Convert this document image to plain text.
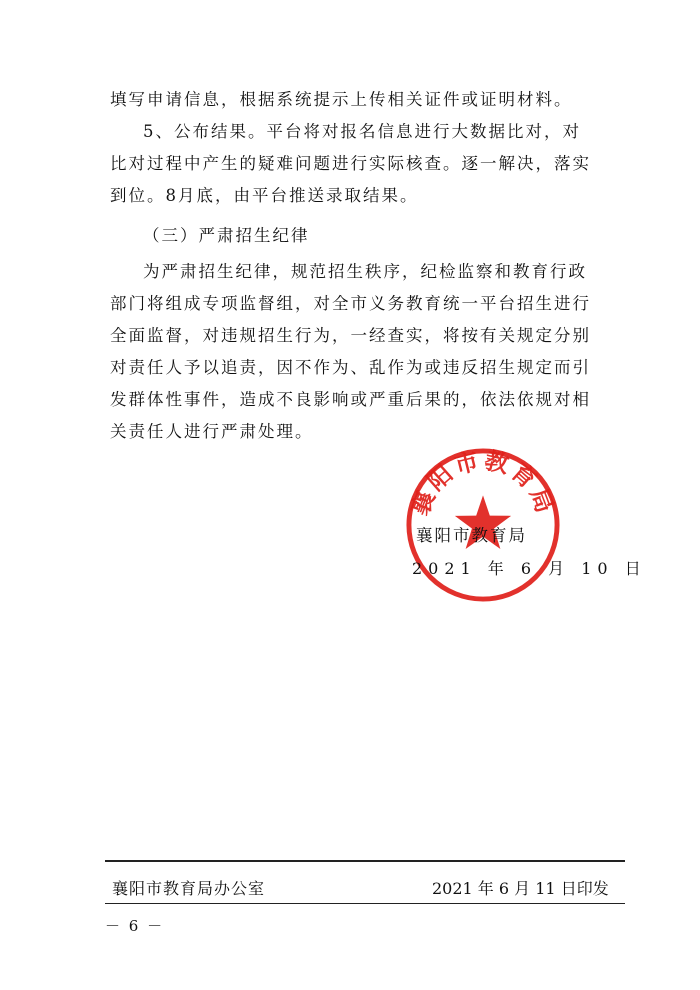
填写申请信息，根据系统提示上传相关证件或证明材料。

5、公布结果。平台将对报名信息进行大数据比对，对

比对过程中产生的疑难问题进行实际核查。逐一解决，落实

到位。8月底，由平台推送录取结果。

（三）严肃招生纪律

为严肃招生纪律，规范招生秩序，纪检监察和教育行政

部门将组成专项监督组，对全市义务教育统一平台招生进行

全面监督，对违规招生行为，一经查实，将按有关规定分别

对责任人予以追责，因不作为、乱作为或违反招生规定而引

发群体性事件，造成不良影响或严重后果的，依法依规对相

关责任人进行严肃处理。

襄阳市教育局
襄阳市教育局
2021 年 6 月 10 日
襄阳市教育局办公室	2021 年 6 月 11 日印发
－ 6 －
